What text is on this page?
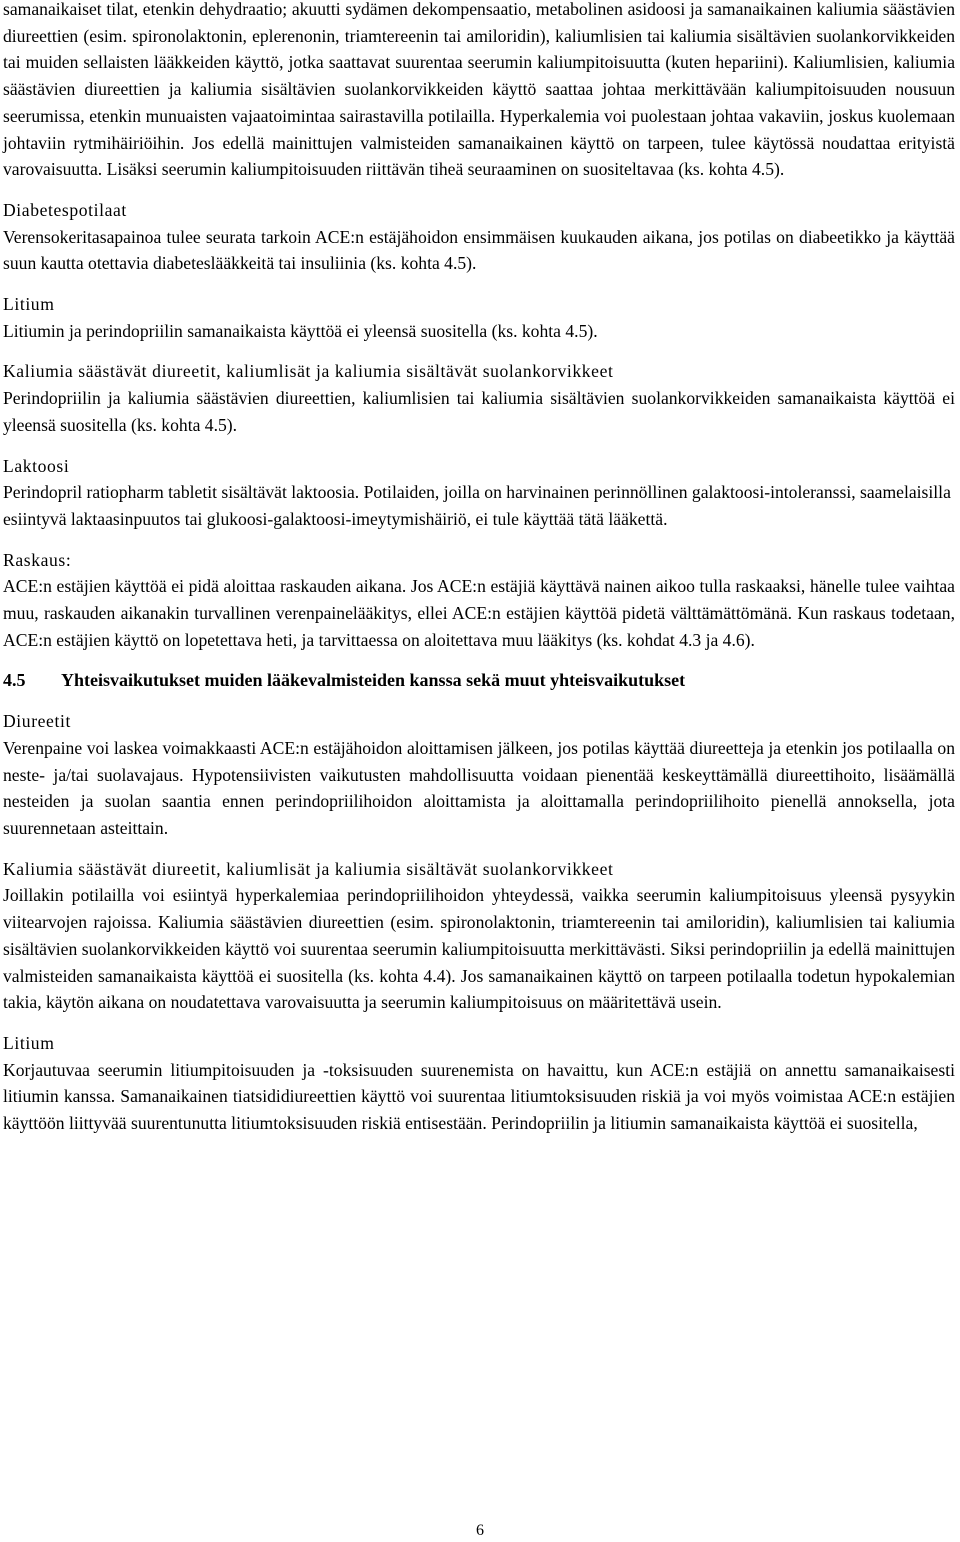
samanaikaiset tilat, etenkin dehydraatio; akuutti sydämen dekompensaatio, metabolinen asidoosi ja samanaikainen kaliumia säästävien diureettien (esim. spironolaktonin, eplerenonin, triamtereenin tai amiloridin), kaliumlisien tai kaliumia sisältävien suolankorvikkeiden tai muiden sellaisten lääkkeiden käyttö, jotka saattavat suurentaa seerumin kaliumpitoisuutta (kuten hepariini). Kaliumlisien, kaliumia säästävien diureettien ja kaliumia sisältävien suolankorvikkeiden käyttö saattaa johtaa merkittävään kaliumpitoisuuden nousuun seerumissa, etenkin munuaisten vajaatoimintaa sairastavilla potilailla. Hyperkalemia voi puolestaan johtaa vakaviin, joskus kuolemaan johtaviin rytmihäiriöihin. Jos edellä mainittujen valmisteiden samanaikainen käyttö on tarpeen, tulee käytössä noudattaa erityistä varovaisuutta. Lisäksi seerumin kaliumpitoisuuden riittävän tiheä seuraaminen on suositeltavaa (ks. kohta 4.5).

Diabetespotilaat

Verensokeritasapainoa tulee seurata tarkoin ACE:n estäjähoidon ensimmäisen kuukauden aikana, jos potilas on diabeetikko ja käyttää suun kautta otettavia diabeteslääkkeitä tai insuliinia (ks. kohta 4.5).

Litium

Litiumin ja perindopriilin samanaikaista käyttöä ei yleensä suositella (ks. kohta 4.5).

Kaliumia säästävät diureetit, kaliumlisät ja kaliumia sisältävät suolankorvikkeet

Perindopriilin ja kaliumia säästävien diureettien, kaliumlisien tai kaliumia sisältävien suolankorvikkeiden samanaikaista käyttöä ei yleensä suositella (ks. kohta 4.5).

Laktoosi

Perindopril ratiopharm tabletit sisältävät laktoosia. Potilaiden, joilla on harvinainen perinnöllinen galaktoosi-intoleranssi, saamelaisilla esiintyvä laktaasinpuutos tai glukoosi-galaktoosi-imeytymishäiriö, ei tule käyttää tätä lääkettä.

Raskaus:

ACE:n estäjien käyttöä ei pidä aloittaa raskauden aikana. Jos ACE:n estäjiä käyttävä nainen aikoo tulla raskaaksi, hänelle tulee vaihtaa muu, raskauden aikanakin turvallinen verenpainelääkitys, ellei ACE:n estäjien käyttöä pidetä välttämättömänä. Kun raskaus todetaan, ACE:n estäjien käyttö on lopetettava heti, ja tarvittaessa on aloitettava muu lääkitys (ks. kohdat 4.3 ja 4.6).

4.5 Yhteisvaikutukset muiden lääkevalmisteiden kanssa sekä muut yhteisvaikutukset
Diureetit

Verenpaine voi laskea voimakkaasti ACE:n estäjähoidon aloittamisen jälkeen, jos potilas käyttää diureetteja ja etenkin jos potilaalla on neste- ja/tai suolavajaus. Hypotensiivisten vaikutusten mahdollisuutta voidaan pienentää keskeyttämällä diureettihoito, lisäämällä nesteiden ja suolan saantia ennen perindopriilihoidon aloittamista ja aloittamalla perindopriilihoito pienellä annoksella, jota suurennetaan asteittain.

Kaliumia säästävät diureetit, kaliumlisät ja kaliumia sisältävät suolankorvikkeet

Joillakin potilailla voi esiintyä hyperkalemiaa perindopriilihoidon yhteydessä, vaikka seerumin kaliumpitoisuus yleensä pysyykin viitearvojen rajoissa. Kaliumia säästävien diureettien (esim. spironolaktonin, triamtereenin tai amiloridin), kaliumlisien tai kaliumia sisältävien suolankorvikkeiden käyttö voi suurentaa seerumin kaliumpitoisuutta merkittävästi. Siksi perindopriilin ja edellä mainittujen valmisteiden samanaikaista käyttöä ei suositella (ks. kohta 4.4). Jos samanaikainen käyttö on tarpeen potilaalla todetun hypokalemian takia, käytön aikana on noudatettava varovaisuutta ja seerumin kaliumpitoisuus on määritettävä usein.

Litium

Korjautuvaa seerumin litiumpitoisuuden ja -toksisuuden suurenemista on havaittu, kun ACE:n estäjiä on annettu samanaikaisesti litiumin kanssa. Samanaikainen tiatsididiureettien käyttö voi suurentaa litiumtoksisuuden riskiä ja voi myös voimistaa ACE:n estäjien käyttöön liittyvää suurentunutta litiumtoksisuuden riskiä entisestään. Perindopriilin ja litiumin samanaikaista käyttöä ei suositella,

6
